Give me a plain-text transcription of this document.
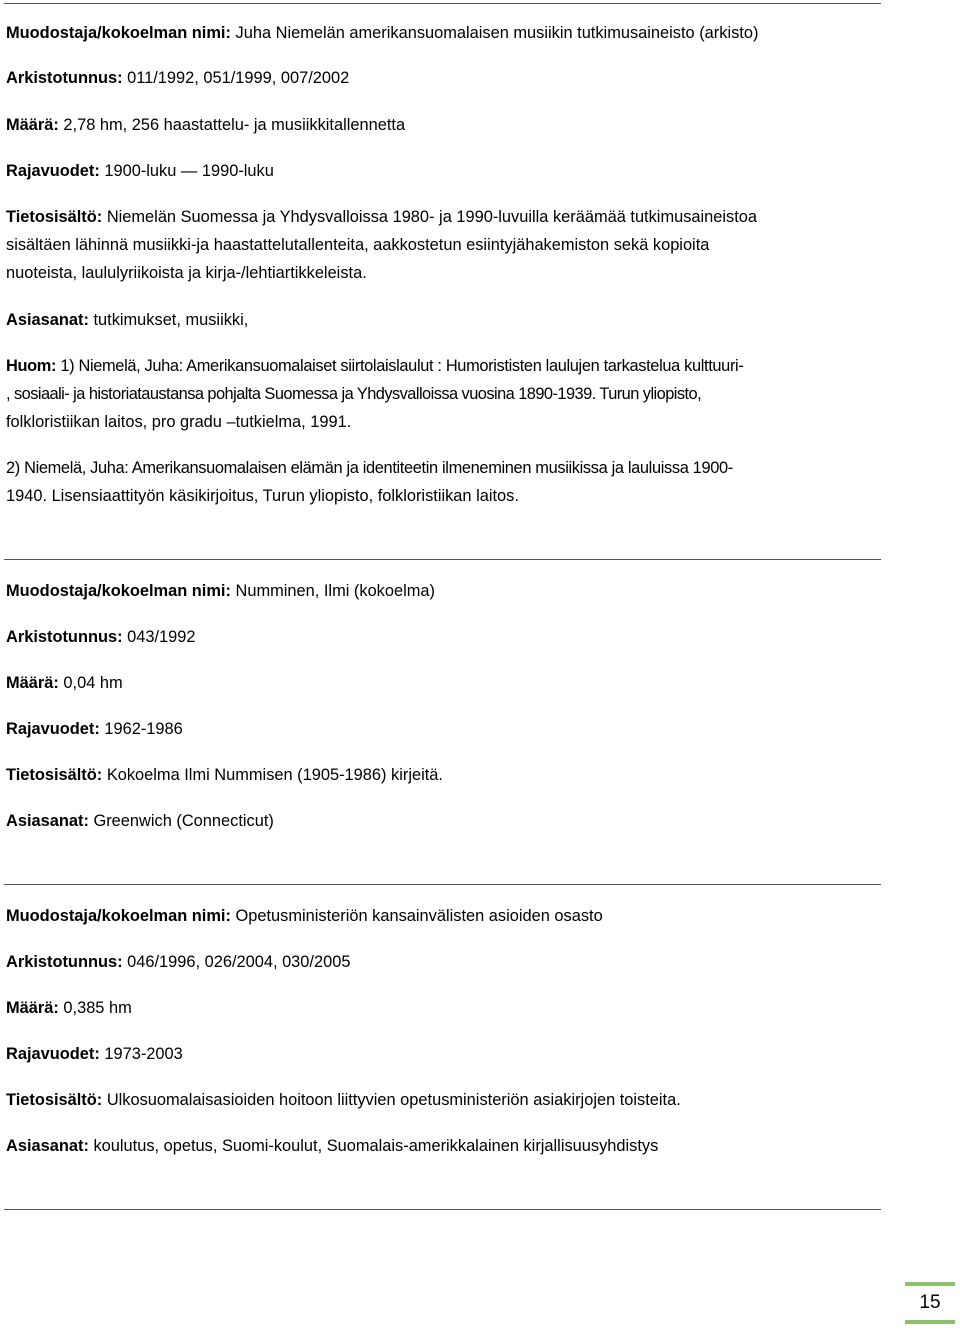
Muodostaja/kokoelman nimi: Juha Niemelän amerikansuomalaisen musiikin tutkimusaineisto (arkisto)
Arkistotunnus: 011/1992, 051/1999, 007/2002
Määrä: 2,78 hm, 256 haastattelu- ja musiikkitallennetta
Rajavuodet: 1900-luku — 1990-luku
Tietosisältö: Niemelän Suomessa ja Yhdysvalloissa 1980- ja 1990-luvuilla keräämää tutkimusaineistoa
sisältäen lähinnä musiikki-ja haastattelutallenteita, aakkostetun esiintyjähakemiston sekä kopioita
nuoteista, laululyriikoista ja kirja-/lehtiartikkeleista.
Asiasanat: tutkimukset, musiikki,
Huom: 1) Niemelä, Juha: Amerikansuomalaiset siirtolaislaulut : Humorististen laulujen tarkastelua kulttuuri-
, sosiaali- ja historiataustansa pohjalta Suomessa ja Yhdysvalloissa vuosina 1890-1939. Turun yliopisto,
folkloristiikan laitos, pro gradu –tutkielma, 1991.
2) Niemelä, Juha: Amerikansuomalaisen elämän ja identiteetin ilmeneminen musiikissa ja lauluissa 1900-
1940. Lisensiaattityön käsikirjoitus, Turun yliopisto, folkloristiikan laitos.
Muodostaja/kokoelman nimi: Numminen, Ilmi (kokoelma)
Arkistotunnus: 043/1992
Määrä: 0,04 hm
Rajavuodet: 1962-1986
Tietosisältö: Kokoelma Ilmi Nummisen (1905-1986) kirjeitä.
Asiasanat: Greenwich (Connecticut)
Muodostaja/kokoelman nimi: Opetusministeriön kansainvälisten asioiden osasto
Arkistotunnus: 046/1996, 026/2004, 030/2005
Määrä: 0,385 hm
Rajavuodet: 1973-2003
Tietosisältö: Ulkosuomalaisasioiden hoitoon liittyvien opetusministeriön asiakirjojen toisteita.
Asiasanat: koulutus, opetus, Suomi-koulut, Suomalais-amerikkalainen kirjallisuusyhdistys
15
